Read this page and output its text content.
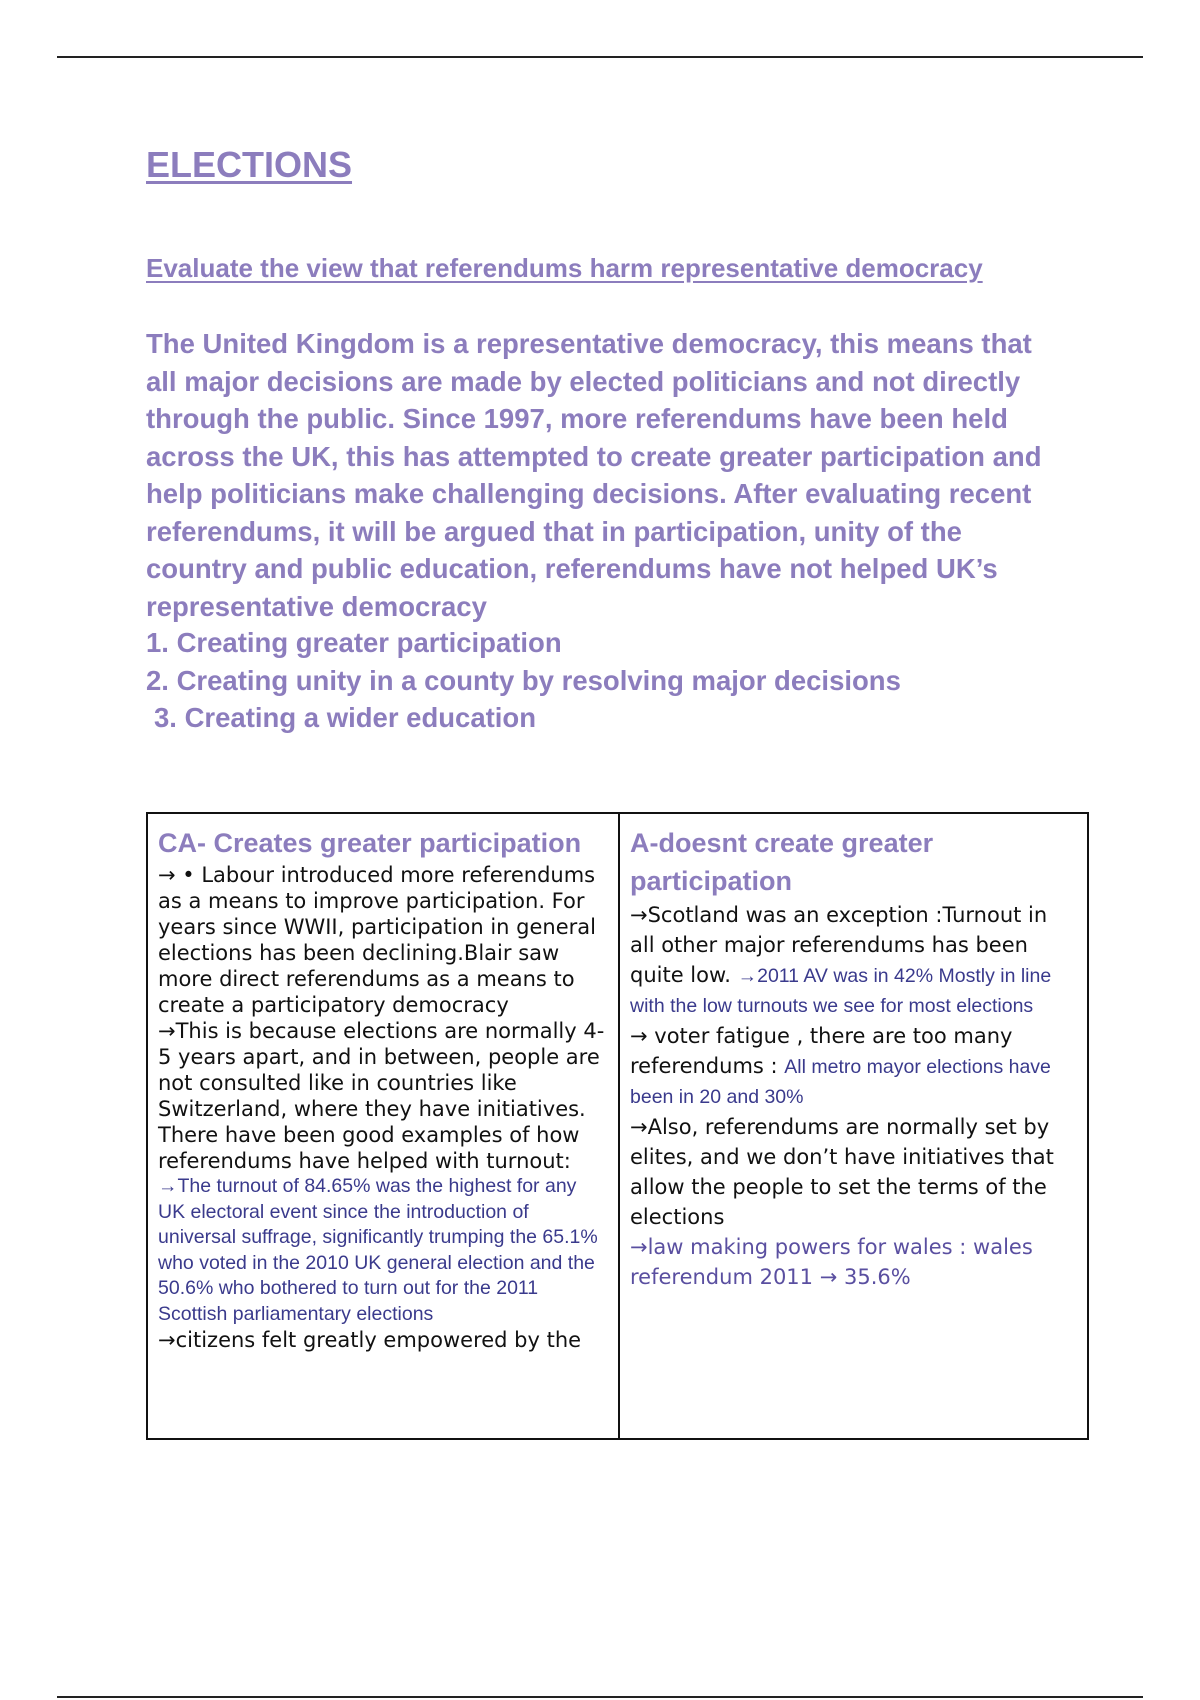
ELECTIONS
Evaluate the view that referendums harm representative democracy
The United Kingdom is a representative democracy, this means that
all major decisions are made by elected politicians and not directly
through the public. Since 1997, more referendums have been held
across the UK, this has attempted to create greater participation and
help politicians make challenging decisions. After evaluating recent
referendums, it will be argued that in participation, unity of the
country and public education, referendums have not helped UK’s
representative democracy
1. Creating greater participation
2. Creating unity in a county by resolving major decisions
3. Creating a wider education
CA- Creates greater participation

→ • Labour introduced more referendums as a means to improve participation. For years since WWII, participation in general elections has been declining.Blair saw more direct referendums as a means to create a participatory democracy

→This is because elections are normally 4-5 years apart, and in between, people are not consulted like in countries like Switzerland, where they have initiatives. There have been good examples of how referendums have helped with turnout:

→The turnout of 84.65% was the highest for any UK electoral event since the introduction of universal suffrage, significantly trumping the 65.1% who voted in the 2010 UK general election and the 50.6% who bothered to turn out for the 2011 Scottish parliamentary elections

→citizens felt greatly empowered by the

A-doesnt create greater participation

→Scotland was an exception :Turnout in all other major referendums has been quite low. →2011 AV was in 42% Mostly in line with the low turnouts we see for most elections

→ voter fatigue , there are too many referendums : All metro mayor elections have been in 20 and 30%

→Also, referendums are normally set by elites, and we don’t have initiatives that allow the people to set the terms of the elections

→law making powers for wales : wales referendum 2011 → 35.6%
